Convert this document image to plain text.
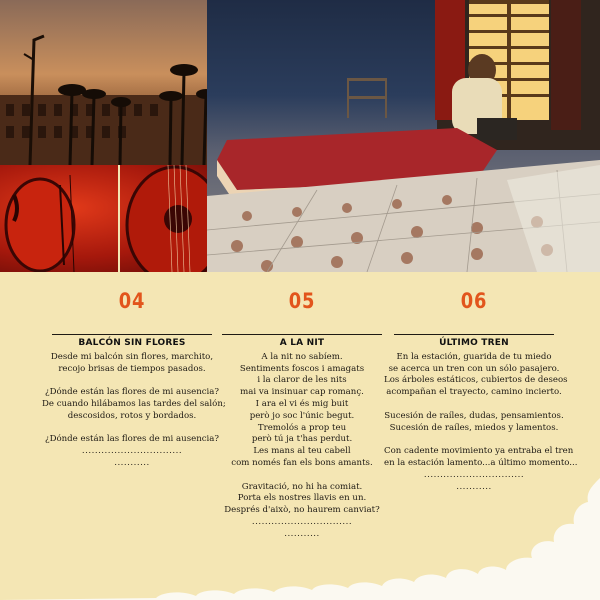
04
BALCÓN SIN FLORES
Desde mi balcón sin flores, marchito,
recojo brisas de tiempos pasados.
¿Dónde están las flores de mi ausencia?
De cuando hilábamos las tardes del salón;
descosidos, rotos y bordados.
¿Dónde están las flores de mi ausencia?
...............................
...........
05
A LA NIT
A la nit no sabíem.
Sentiments foscos i amagats
i la claror de les nits
mai va insinuar cap romanç.
I ara el vi és mig buit
però jo soc l'únic begut.
Tremolós a prop teu
però tú ja t'has perdut.
Les mans al teu cabell
com només fan els bons amants.
Gravitació, no hi ha comiat.
Porta els nostres llavis en un.
Després d'això, no haurem canviat?
...............................
...........
06
ÚLTIMO TREN
En la estación, guarida de tu miedo
se acerca un tren con un sólo pasajero.
Los árboles estáticos, cubiertos de deseos
acompañan el trayecto, camino incierto.
Sucesión de raíles, dudas, pensamientos.
Sucesión de raíles, miedos y lamentos.
Con cadente movimiento ya entraba el tren
en la estación lamento...a último momento...
...............................
...........
